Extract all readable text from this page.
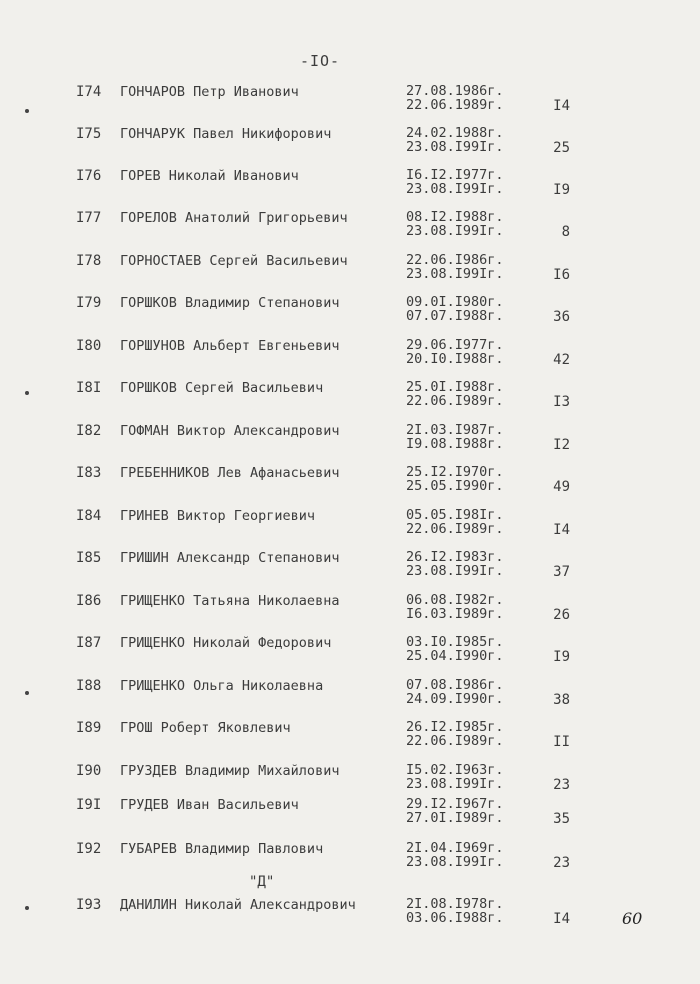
-IO-
I74 ГОНЧАРОВ Петр Иванович	27.08.1986г.
22.06.1989г.	I4
I75 ГОНЧАРУК Павел Никифорович	24.02.1988г.
23.08.I99Iг.	25
I76 ГОРЕВ Николай Иванович	I6.I2.I977г.
23.08.I99Iг.	I9
I77 ГОРЕЛОВ Анатолий Григорьевич	08.I2.I988г.
23.08.I99Iг.	8
I78 ГОРНОСТАЕВ Сергей Васильевич	22.06.I986г.
23.08.I99Iг.	I6
I79 ГОРШКОВ Владимир Степанович	09.0I.I980г.
07.07.I988г.	36
I80 ГОРШУНОВ Альберт Евгеньевич	29.06.I977г.
20.I0.I988г.	42
I8I ГОРШКОВ Сергей Васильевич	25.0I.I988г.
22.06.I989г.	I3
I82 ГОФМАН Виктор Александрович	2I.03.I987г.
I9.08.I988г.	I2
I83 ГРЕБЕННИКОВ Лев Афанасьевич	25.I2.I970г.
25.05.I990г.	49
I84 ГРИНЕВ Виктор Георгиевич	05.05.I98Iг.
22.06.I989г.	I4
I85 ГРИШИН Александр Степанович	26.I2.I983г.
23.08.I99Iг.	37
I86 ГРИЩЕНКО Татьяна Николаевна	06.08.I982г.
I6.03.I989г.	26
I87 ГРИЩЕНКО Николай Федорович	03.I0.I985г.
25.04.I990г.	I9
I88 ГРИЩЕНКО Ольга Николаевна	07.08.I986г.
24.09.I990г.	38
I89 ГРОШ Роберт Яковлевич	26.I2.I985г.
22.06.I989г.	II
I90 ГРУЗДЕВ Владимир Михайлович	I5.02.I963г.
23.08.I99Iг.	23
I9I ГРУДЕВ Иван Васильевич	29.I2.I967г.
27.0I.I989г.	35
I92 ГУБАРЕВ Владимир Павлович	2I.04.I969г.
23.08.I99Iг.	23
I93 ДАНИЛИН Николай Александрович	2I.08.I978г.
03.06.I988г.	I4
"Д"
60
